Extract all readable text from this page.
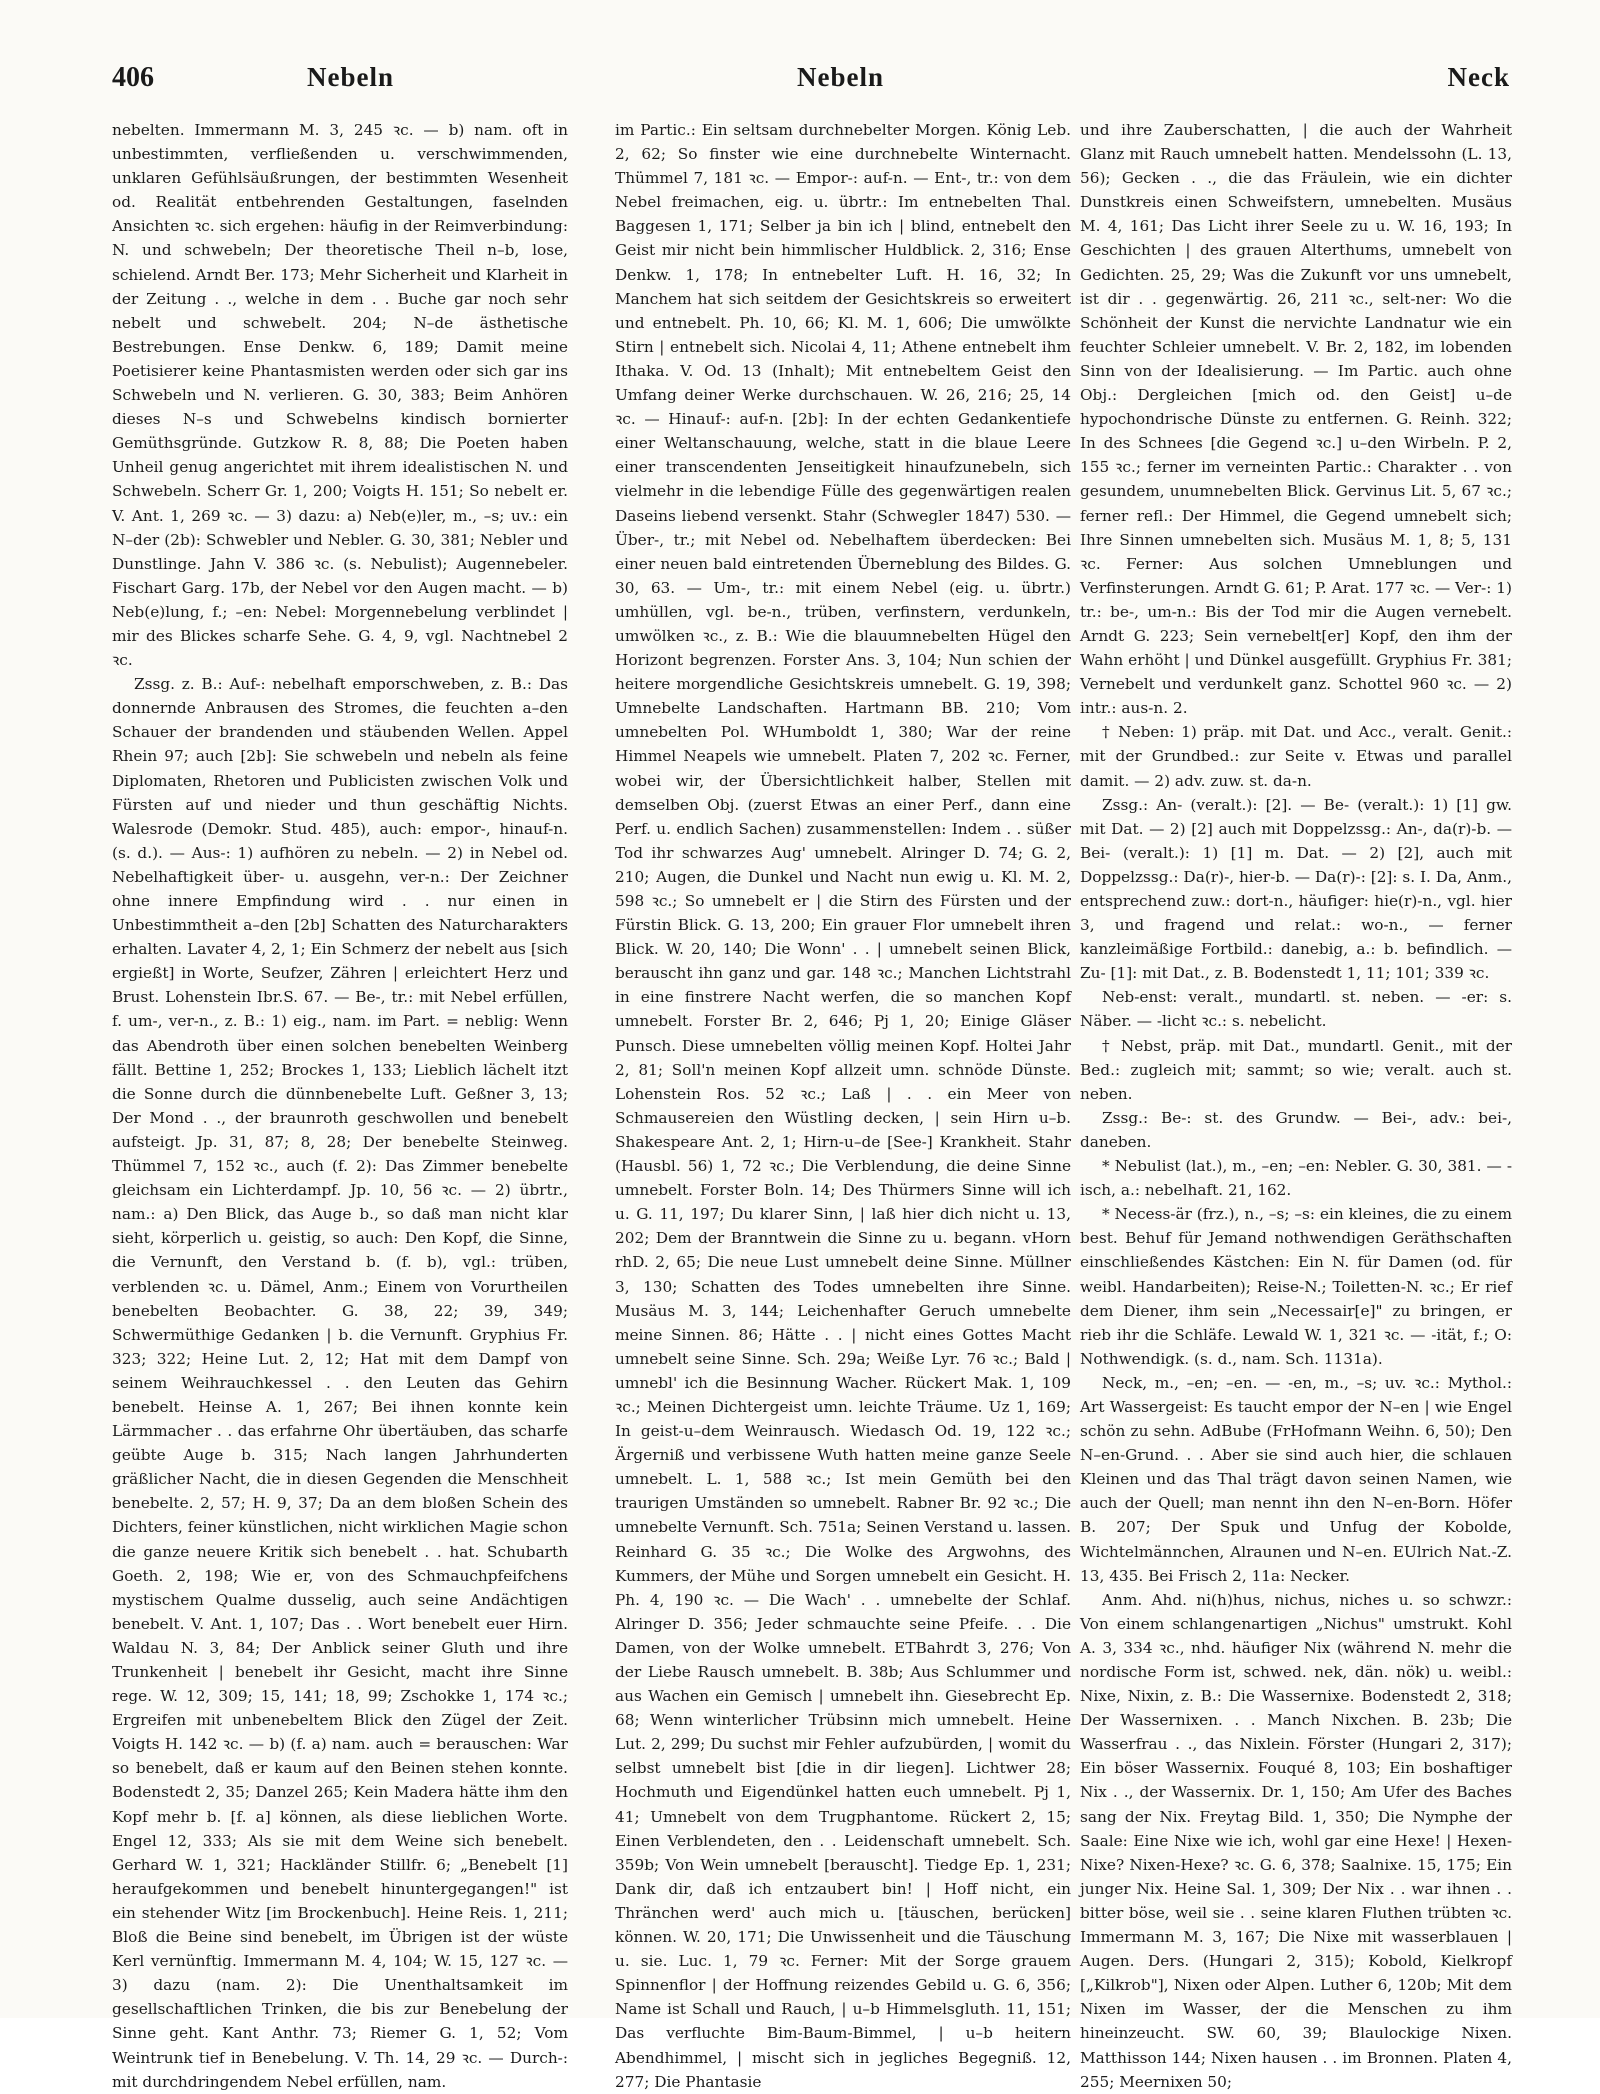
406	Nebeln	Nebeln	Neck

nebelten. Immermann M. 3, 245 ꝛc. — b) nam. oft in unbestimmten, verfließenden u. verschwimmenden, unklaren Gefühlsäußrungen, der bestimmten Wesenheit od. Realität entbehrenden Gestaltungen, faselnden Ansichten ꝛc. sich ergehen: häufig in der Reimverbindung: N. und schwebeln; Der theoretische Theil n–b, lose, schielend. Arndt Ber. 173; Mehr Sicherheit und Klarheit in der Zeitung . ., welche in dem . . Buche gar noch sehr nebelt und schwebelt. 204; N–de ästhetische Bestrebungen. Ense Denkw. 6, 189; Damit meine Poetisierer keine Phantasmisten werden oder sich gar ins Schwebeln und N. verlieren. G. 30, 383; Beim Anhören dieses N–s und Schwebelns kindisch bornierter Gemüthsgründe. Gutzkow R. 8, 88; Die Poeten haben Unheil genug angerichtet mit ihrem idealistischen N. und Schwebeln. Scherr Gr. 1, 200; Voigts H. 151; So nebelt er. V. Ant. 1, 269 ꝛc. — 3) dazu: a) Neb(e)ler, m., –s; uv.: ein N–der (2b): Schwebler und Nebler. G. 30, 381; Nebler und Dunstlinge. Jahn V. 386 ꝛc. (s. Nebulist); Augennebeler. Fischart Garg. 17b, der Nebel vor den Augen macht. — b) Neb(e)lung, f.; –en: Nebel: Morgennebelung verblindet | mir des Blickes scharfe Sehe. G. 4, 9, vgl. Nachtnebel 2 ꝛc.

Zssg. z. B.: Auf-: nebelhaft emporschweben, z. B.: Das donnernde Anbrausen des Stromes, die feuchten a–den Schauer der brandenden und stäubenden Wellen. Appel Rhein 97; auch [2b]: Sie schwebeln und nebeln als feine Diplomaten, Rhetoren und Publicisten zwischen Volk und Fürsten auf und nieder und thun geschäftig Nichts. Walesrode (Demokr. Stud. 485), auch: empor-, hinauf-n. (s. d.). — Aus-: 1) aufhören zu nebeln. — 2) in Nebel od. Nebelhaftigkeit über- u. ausgehn, ver-n.: Der Zeichner ohne innere Empfindung wird . . nur einen in Unbestimmtheit a–den [2b] Schatten des Naturcharakters erhalten. Lavater 4, 2, 1; Ein Schmerz der nebelt aus [sich ergießt] in Worte, Seufzer, Zähren | erleichtert Herz und Brust. Lohenstein Ibr.S. 67. — Be-, tr.: mit Nebel erfüllen, f. um-, ver-n., z. B.: 1) eig., nam. im Part. = neblig: Wenn das Abendroth über einen solchen benebelten Weinberg fällt. Bettine 1, 252; Brockes 1, 133; Lieblich lächelt itzt die Sonne durch die dünnbenebelte Luft. Geßner 3, 13; Der Mond . ., der braunroth geschwollen und benebelt aufsteigt. Jp. 31, 87; 8, 28; Der benebelte Steinweg. Thümmel 7, 152 ꝛc., auch (f. 2): Das Zimmer benebelte gleichsam ein Lichterdampf. Jp. 10, 56 ꝛc. — 2) übrtr., nam.: a) Den Blick, das Auge b., so daß man nicht klar sieht, körperlich u. geistig, so auch: Den Kopf, die Sinne, die Vernunft, den Verstand b. (f. b), vgl.: trüben, verblenden ꝛc. u. Dämel, Anm.; Einem von Vorurtheilen benebelten Beobachter. G. 38, 22; 39, 349; Schwermüthige Gedanken | b. die Vernunft. Gryphius Fr. 323; 322; Heine Lut. 2, 12; Hat mit dem Dampf von seinem Weihrauchkessel . . den Leuten das Gehirn benebelt. Heinse A. 1, 267; Bei ihnen konnte kein Lärmmacher . . das erfahrne Ohr übertäuben, das scharfe geübte Auge b. 315; Nach langen Jahrhunderten gräßlicher Nacht, die in diesen Gegenden die Menschheit benebelte. 2, 57; H. 9, 37; Da an dem bloßen Schein des Dichters, feiner künstlichen, nicht wirklichen Magie schon die ganze neuere Kritik sich benebelt . . hat. Schubarth Goeth. 2, 198; Wie er, von des Schmauchpfeifchens mystischem Qualme dusselig, auch seine Andächtigen benebelt. V. Ant. 1, 107; Das . . Wort benebelt euer Hirn. Waldau N. 3, 84; Der Anblick seiner Gluth und ihre Trunkenheit | benebelt ihr Gesicht, macht ihre Sinne rege. W. 12, 309; 15, 141; 18, 99; Zschokke 1, 174 ꝛc.; Ergreifen mit unbenebeltem Blick den Zügel der Zeit. Voigts H. 142 ꝛc. — b) (f. a) nam. auch = berauschen: War so benebelt, daß er kaum auf den Beinen stehen konnte. Bodenstedt 2, 35; Danzel 265; Kein Madera hätte ihm den Kopf mehr b. [f. a] können, als diese lieblichen Worte. Engel 12, 333; Als sie mit dem Weine sich benebelt. Gerhard W. 1, 321; Hackländer Stillfr. 6; „Benebelt [1] heraufgekommen und benebelt hinuntergegangen!" ist ein stehender Witz [im Brockenbuch]. Heine Reis. 1, 211; Bloß die Beine sind benebelt, im Übrigen ist der wüste Kerl vernünftig. Immermann M. 4, 104; W. 15, 127 ꝛc. — 3) dazu (nam. 2): Die Unenthaltsamkeit im gesellschaftlichen Trinken, die bis zur Benebelung der Sinne geht. Kant Anthr. 73; Riemer G. 1, 52; Vom Weintrunk tief in Benebelung. V. Th. 14, 29 ꝛc. — Durch-: mit durchdringendem Nebel erfüllen, nam.

im Partic.: Ein seltsam durchnebelter Morgen. König Leb. 2, 62; So finster wie eine durchnebelte Winternacht. Thümmel 7, 181 ꝛc. — Empor-: auf-n. — Ent-, tr.: von dem Nebel freimachen, eig. u. übrtr.: Im entnebelten Thal. Baggesen 1, 171; Selber ja bin ich | blind, entnebelt den Geist mir nicht bein himmlischer Huldblick. 2, 316; Ense Denkw. 1, 178; In entnebelter Luft. H. 16, 32; In Manchem hat sich seitdem der Gesichtskreis so erweitert und entnebelt. Ph. 10, 66; Kl. M. 1, 606; Die umwölkte Stirn | entnebelt sich. Nicolai 4, 11; Athene entnebelt ihm Ithaka. V. Od. 13 (Inhalt); Mit entnebeltem Geist den Umfang deiner Werke durchschauen. W. 26, 216; 25, 14 ꝛc. — Hinauf-: auf-n. [2b]: In der echten Gedankentiefe einer Weltanschauung, welche, statt in die blaue Leere einer transcendenten Jenseitigkeit hinaufzunebeln, sich vielmehr in die lebendige Fülle des gegenwärtigen realen Daseins liebend versenkt. Stahr (Schwegler 1847) 530. — Über-, tr.; mit Nebel od. Nebelhaftem überdecken: Bei einer neuen bald eintretenden Überneblung des Bildes. G. 30, 63. — Um-, tr.: mit einem Nebel (eig. u. übrtr.) umhüllen, vgl. be-n., trüben, verfinstern, verdunkeln, umwölken ꝛc., z. B.: Wie die blauumnebelten Hügel den Horizont begrenzen. Forster Ans. 3, 104; Nun schien der heitere morgendliche Gesichtskreis umnebelt. G. 19, 398; Umnebelte Landschaften. Hartmann BB. 210; Vom umnebelten Pol. WHumboldt 1, 380; War der reine Himmel Neapels wie umnebelt. Platen 7, 202 ꝛc. Ferner, wobei wir, der Übersichtlichkeit halber, Stellen mit demselben Obj. (zuerst Etwas an einer Perf., dann eine Perf. u. endlich Sachen) zusammenstellen: Indem . . süßer Tod ihr schwarzes Aug' umnebelt. Alringer D. 74; G. 2, 210; Augen, die Dunkel und Nacht nun ewig u. Kl. M. 2, 598 ꝛc.; So umnebelt er | die Stirn des Fürsten und der Fürstin Blick. G. 13, 200; Ein grauer Flor umnebelt ihren Blick. W. 20, 140; Die Wonn' . . | umnebelt seinen Blick, berauscht ihn ganz und gar. 148 ꝛc.; Manchen Lichtstrahl in eine finstrere Nacht werfen, die so manchen Kopf umnebelt. Forster Br. 2, 646; Pj 1, 20; Einige Gläser Punsch. Diese umnebelten völlig meinen Kopf. Holtei Jahr 2, 81; Soll'n meinen Kopf allzeit umn. schnöde Dünste. Lohenstein Ros. 52 ꝛc.; Laß | . . ein Meer von Schmausereien den Wüstling decken, | sein Hirn u–b. Shakespeare Ant. 2, 1; Hirn-u–de [See-] Krankheit. Stahr (Hausbl. 56) 1, 72 ꝛc.; Die Verblendung, die deine Sinne umnebelt. Forster Boln. 14; Des Thürmers Sinne will ich u. G. 11, 197; Du klarer Sinn, | laß hier dich nicht u. 13, 202; Dem der Branntwein die Sinne zu u. begann. vHorn rhD. 2, 65; Die neue Lust umnebelt deine Sinne. Müllner 3, 130; Schatten des Todes umnebelten ihre Sinne. Musäus M. 3, 144; Leichenhafter Geruch umnebelte meine Sinnen. 86; Hätte . . | nicht eines Gottes Macht umnebelt seine Sinne. Sch. 29a; Weiße Lyr. 76 ꝛc.; Bald | umnebl' ich die Besinnung Wacher. Rückert Mak. 1, 109 ꝛc.; Meinen Dichtergeist umn. leichte Träume. Uz 1, 169; In geist-u–dem Weinrausch. Wiedasch Od. 19, 122 ꝛc.; Ärgerniß und verbissene Wuth hatten meine ganze Seele umnebelt. L. 1, 588 ꝛc.; Ist mein Gemüth bei den traurigen Umständen so umnebelt. Rabner Br. 92 ꝛc.; Die umnebelte Vernunft. Sch. 751a; Seinen Verstand u. lassen. Reinhard G. 35 ꝛc.; Die Wolke des Argwohns, des Kummers, der Mühe und Sorgen umnebelt ein Gesicht. H. Ph. 4, 190 ꝛc. — Die Wach' . . umnebelte der Schlaf. Alringer D. 356; Jeder schmauchte seine Pfeife. . . Die Damen, von der Wolke umnebelt. ETBahrdt 3, 276; Von der Liebe Rausch umnebelt. B. 38b; Aus Schlummer und aus Wachen ein Gemisch | umnebelt ihn. Giesebrecht Ep. 68; Wenn winterlicher Trübsinn mich umnebelt. Heine Lut. 2, 299; Du suchst mir Fehler aufzubürden, | womit du selbst umnebelt bist [die in dir liegen]. Lichtwer 28; Hochmuth und Eigendünkel hatten euch umnebelt. Pj 1, 41; Umnebelt von dem Trugphantome. Rückert 2, 15; Einen Verblendeten, den . . Leidenschaft umnebelt. Sch. 359b; Von Wein umnebelt [berauscht]. Tiedge Ep. 1, 231; Dank dir, daß ich entzaubert bin! | Hoff nicht, ein Thränchen werd' auch mich u. [täuschen, berücken] können. W. 20, 171; Die Unwissenheit und die Täuschung u. sie. Luc. 1, 79 ꝛc. Ferner: Mit der Sorge grauem Spinnenflor | der Hoffnung reizendes Gebild u. G. 6, 356; Name ist Schall und Rauch, | u–b Himmelsgluth. 11, 151; Das verfluchte Bim-Baum-Bimmel, | u–b heitern Abendhimmel, | mischt sich in jegliches Begegniß. 12, 277; Die Phantasie

und ihre Zauberschatten, | die auch der Wahrheit Glanz mit Rauch umnebelt hatten. Mendelssohn (L. 13, 56); Gecken . ., die das Fräulein, wie ein dichter Dunstkreis einen Schweifstern, umnebelten. Musäus M. 4, 161; Das Licht ihrer Seele zu u. W. 16, 193; In Geschichten | des grauen Alterthums, umnebelt von Gedichten. 25, 29; Was die Zukunft vor uns umnebelt, ist dir . . gegenwärtig. 26, 211 ꝛc., selt-ner: Wo die Schönheit der Kunst die nervichte Landnatur wie ein feuchter Schleier umnebelt. V. Br. 2, 182, im lobenden Sinn von der Idealisierung. — Im Partic. auch ohne Obj.: Dergleichen [mich od. den Geist] u–de hypochondrische Dünste zu entfernen. G. Reinh. 322; In des Schnees [die Gegend ꝛc.] u–den Wirbeln. P. 2, 155 ꝛc.; ferner im verneinten Partic.: Charakter . . von gesundem, unumnebelten Blick. Gervinus Lit. 5, 67 ꝛc.; ferner refl.: Der Himmel, die Gegend umnebelt sich; Ihre Sinnen umnebelten sich. Musäus M. 1, 8; 5, 131 ꝛc. Ferner: Aus solchen Umneblungen und Verfinsterungen. Arndt G. 61; P. Arat. 177 ꝛc. — Ver-: 1) tr.: be-, um-n.: Bis der Tod mir die Augen vernebelt. Arndt G. 223; Sein vernebelt[er] Kopf, den ihm der Wahn erhöht | und Dünkel ausgefüllt. Gryphius Fr. 381; Vernebelt und verdunkelt ganz. Schottel 960 ꝛc. — 2) intr.: aus-n. 2.

† Neben: 1) präp. mit Dat. und Acc., veralt. Genit.: mit der Grundbed.: zur Seite v. Etwas und parallel damit. — 2) adv. zuw. st. da-n.

Zssg.: An- (veralt.): [2]. — Be- (veralt.): 1) [1] gw. mit Dat. — 2) [2] auch mit Doppelzssg.: An-, da(r)-b. — Bei- (veralt.): 1) [1] m. Dat. — 2) [2], auch mit Doppelzssg.: Da(r)-, hier-b. — Da(r)-: [2]: s. I. Da, Anm., entsprechend zuw.: dort-n., häufiger: hie(r)-n., vgl. hier 3, und fragend und relat.: wo-n., — ferner kanzleimäßige Fortbild.: danebig, a.: b. befindlich. — Zu- [1]: mit Dat., z. B. Bodenstedt 1, 11; 101; 339 ꝛc.

Neb-enst: veralt., mundartl. st. neben. — -er: s. Näber. — -licht ꝛc.: s. nebelicht.

† Nebst, präp. mit Dat., mundartl. Genit., mit der Bed.: zugleich mit; sammt; so wie; veralt. auch st. neben.

Zssg.: Be-: st. des Grundw. — Bei-, adv.: bei-, daneben.

* Nebulist (lat.), m., –en; –en: Nebler. G. 30, 381. — -isch, a.: nebelhaft. 21, 162.

* Necess-är (frz.), n., –s; –s: ein kleines, die zu einem best. Behuf für Jemand nothwendigen Geräthschaften einschließendes Kästchen: Ein N. für Damen (od. für weibl. Handarbeiten); Reise-N.; Toiletten-N. ꝛc.; Er rief dem Diener, ihm sein „Necessair[e]" zu bringen, er rieb ihr die Schläfe. Lewald W. 1, 321 ꝛc. — -ität, f.; O: Nothwendigk. (s. d., nam. Sch. 1131a).

Neck, m., –en; –en. — -en, m., –s; uv. ꝛc.: Mythol.: Art Wassergeist: Es taucht empor der N–en | wie Engel schön zu sehn. AdBube (FrHofmann Weihn. 6, 50); Den N–en-Grund. . . Aber sie sind auch hier, die schlauen Kleinen und das Thal trägt davon seinen Namen, wie auch der Quell; man nennt ihn den N–en-Born. Höfer B. 207; Der Spuk und Unfug der Kobolde, Wichtelmännchen, Alraunen und N–en. EUlrich Nat.-Z. 13, 435. Bei Frisch 2, 11a: Necker.

Anm. Ahd. ni(h)hus, nichus, niches u. so schwzr.: Von einem schlangenartigen „Nichus" umstrukt. Kohl A. 3, 334 ꝛc., nhd. häufiger Nix (während N. mehr die nordische Form ist, schwed. nek, dän. nök) u. weibl.: Nixe, Nixin, z. B.: Die Wassernixe. Bodenstedt 2, 318; Der Wassernixen. . . Manch Nixchen. B. 23b; Die Wasserfrau . ., das Nixlein. Förster (Hungari 2, 317); Ein böser Wassernix. Fouqué 8, 103; Ein boshaftiger Nix . ., der Wassernix. Dr. 1, 150; Am Ufer des Baches sang der Nix. Freytag Bild. 1, 350; Die Nymphe der Saale: Eine Nixe wie ich, wohl gar eine Hexe! | Hexen-Nixe? Nixen-Hexe? ꝛc. G. 6, 378; Saalnixe. 15, 175; Ein junger Nix. Heine Sal. 1, 309; Der Nix . . war ihnen . . bitter böse, weil sie . . seine klaren Fluthen trübten ꝛc. Immermann M. 3, 167; Die Nixe mit wasserblauen | Augen. Ders. (Hungari 2, 315); Kobold, Kielkropf [„Kilkrob"], Nixen oder Alpen. Luther 6, 120b; Mit dem Nixen im Wasser, der die Menschen zu ihm hineinzeucht. SW. 60, 39; Blaulockige Nixen. Matthisson 144; Nixen hausen . . im Bronnen. Platen 4, 255; Meernixen 50;
